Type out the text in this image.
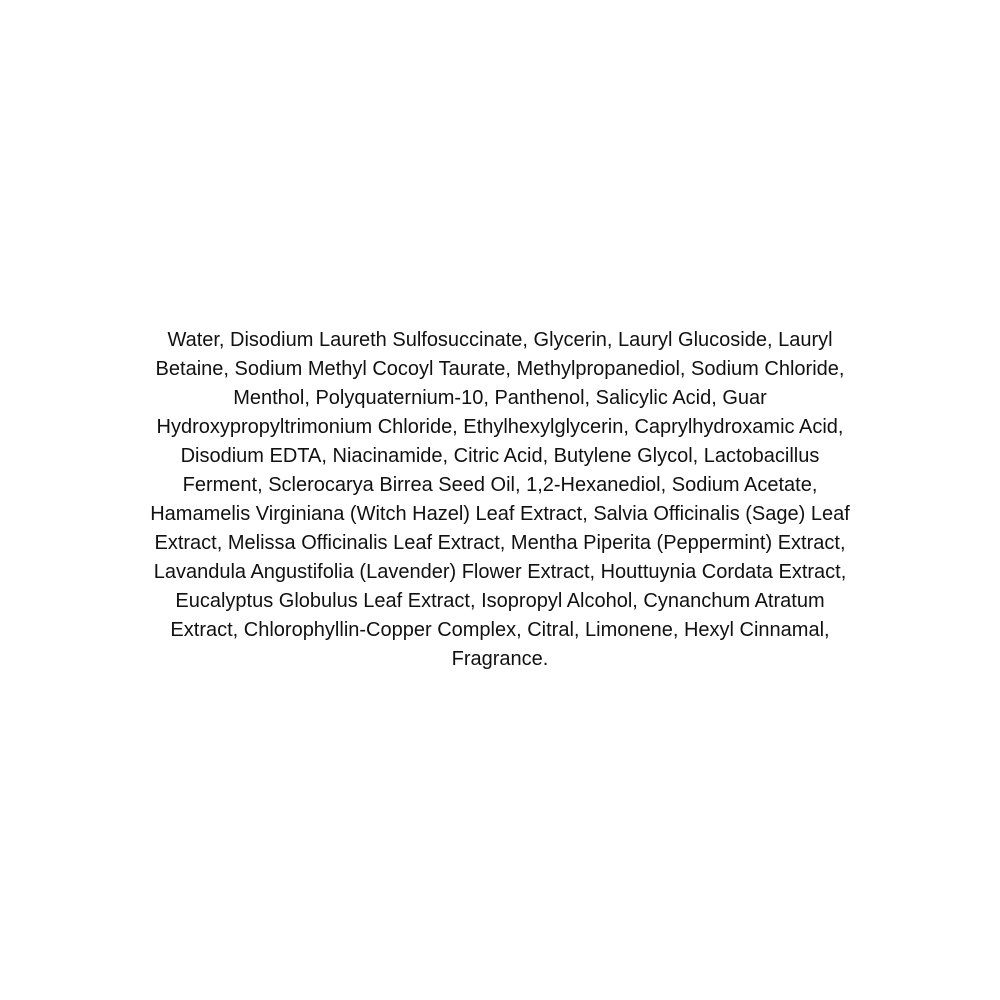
Water, Disodium Laureth Sulfosuccinate, Glycerin, Lauryl Glucoside, Lauryl
Betaine, Sodium Methyl Cocoyl Taurate, Methylpropanediol, Sodium Chloride,
Menthol, Polyquaternium-10, Panthenol, Salicylic Acid, Guar
Hydroxypropyltrimonium Chloride, Ethylhexylglycerin, Caprylhydroxamic Acid,
Disodium EDTA, Niacinamide, Citric Acid, Butylene Glycol, Lactobacillus
Ferment, Sclerocarya Birrea Seed Oil, 1,2-Hexanediol, Sodium Acetate,
Hamamelis Virginiana (Witch Hazel) Leaf Extract, Salvia Officinalis (Sage) Leaf
Extract, Melissa Officinalis Leaf Extract, Mentha Piperita (Peppermint) Extract,
Lavandula Angustifolia (Lavender) Flower Extract, Houttuynia Cordata Extract,
Eucalyptus Globulus Leaf Extract, Isopropyl Alcohol, Cynanchum Atratum
Extract, Chlorophyllin-Copper Complex, Citral, Limonene, Hexyl Cinnamal,
Fragrance.
